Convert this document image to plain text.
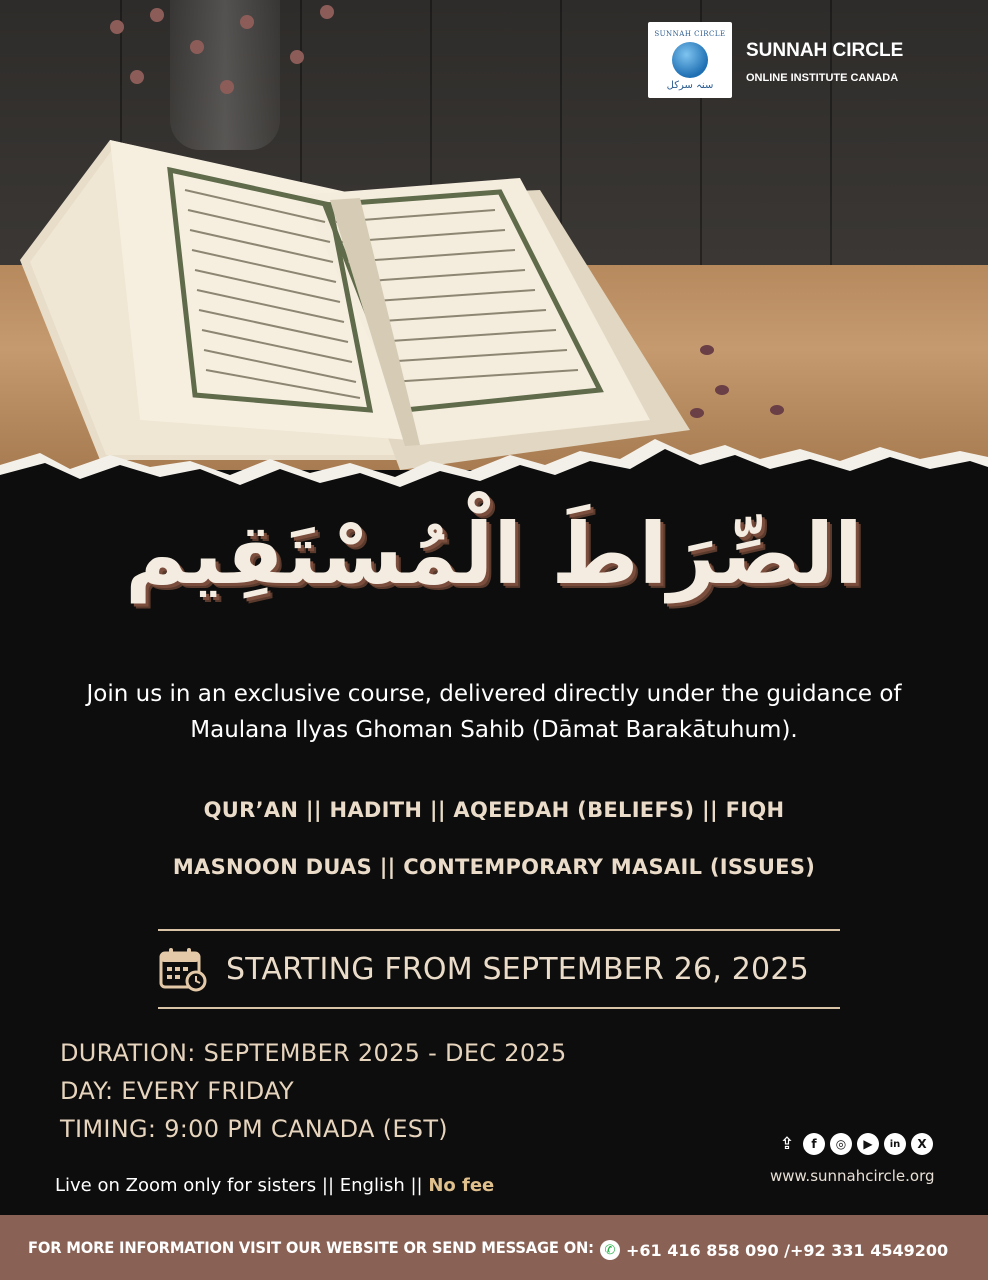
SUNNAH CIRCLE
سنہ سرکل
SUNNAH CIRCLE
ONLINE INSTITUTE CANADA
الصِّرَاطَ الْمُسْتَقِيم
Join us in an exclusive course, delivered directly under the guidance of Maulana Ilyas Ghoman Sahib (Dāmat Barakātuhum).
QUR’AN || HADITH || AQEEDAH (BELIEFS) || FIQH
MASNOON DUAS || CONTEMPORARY MASAIL (ISSUES)
STARTING FROM SEPTEMBER 26, 2025
DURATION: SEPTEMBER 2025 - DEC 2025
DAY: EVERY FRIDAY
TIMING: 9:00 PM CANADA (EST)
Live on Zoom only for sisters || English || No fee
⇪	f	◎	▶	in	X
www.sunnahcircle.org
FOR MORE INFORMATION VISIT OUR WEBSITE OR SEND MESSAGE ON: ✆ +61 416 858 090 /+92 331 4549200
